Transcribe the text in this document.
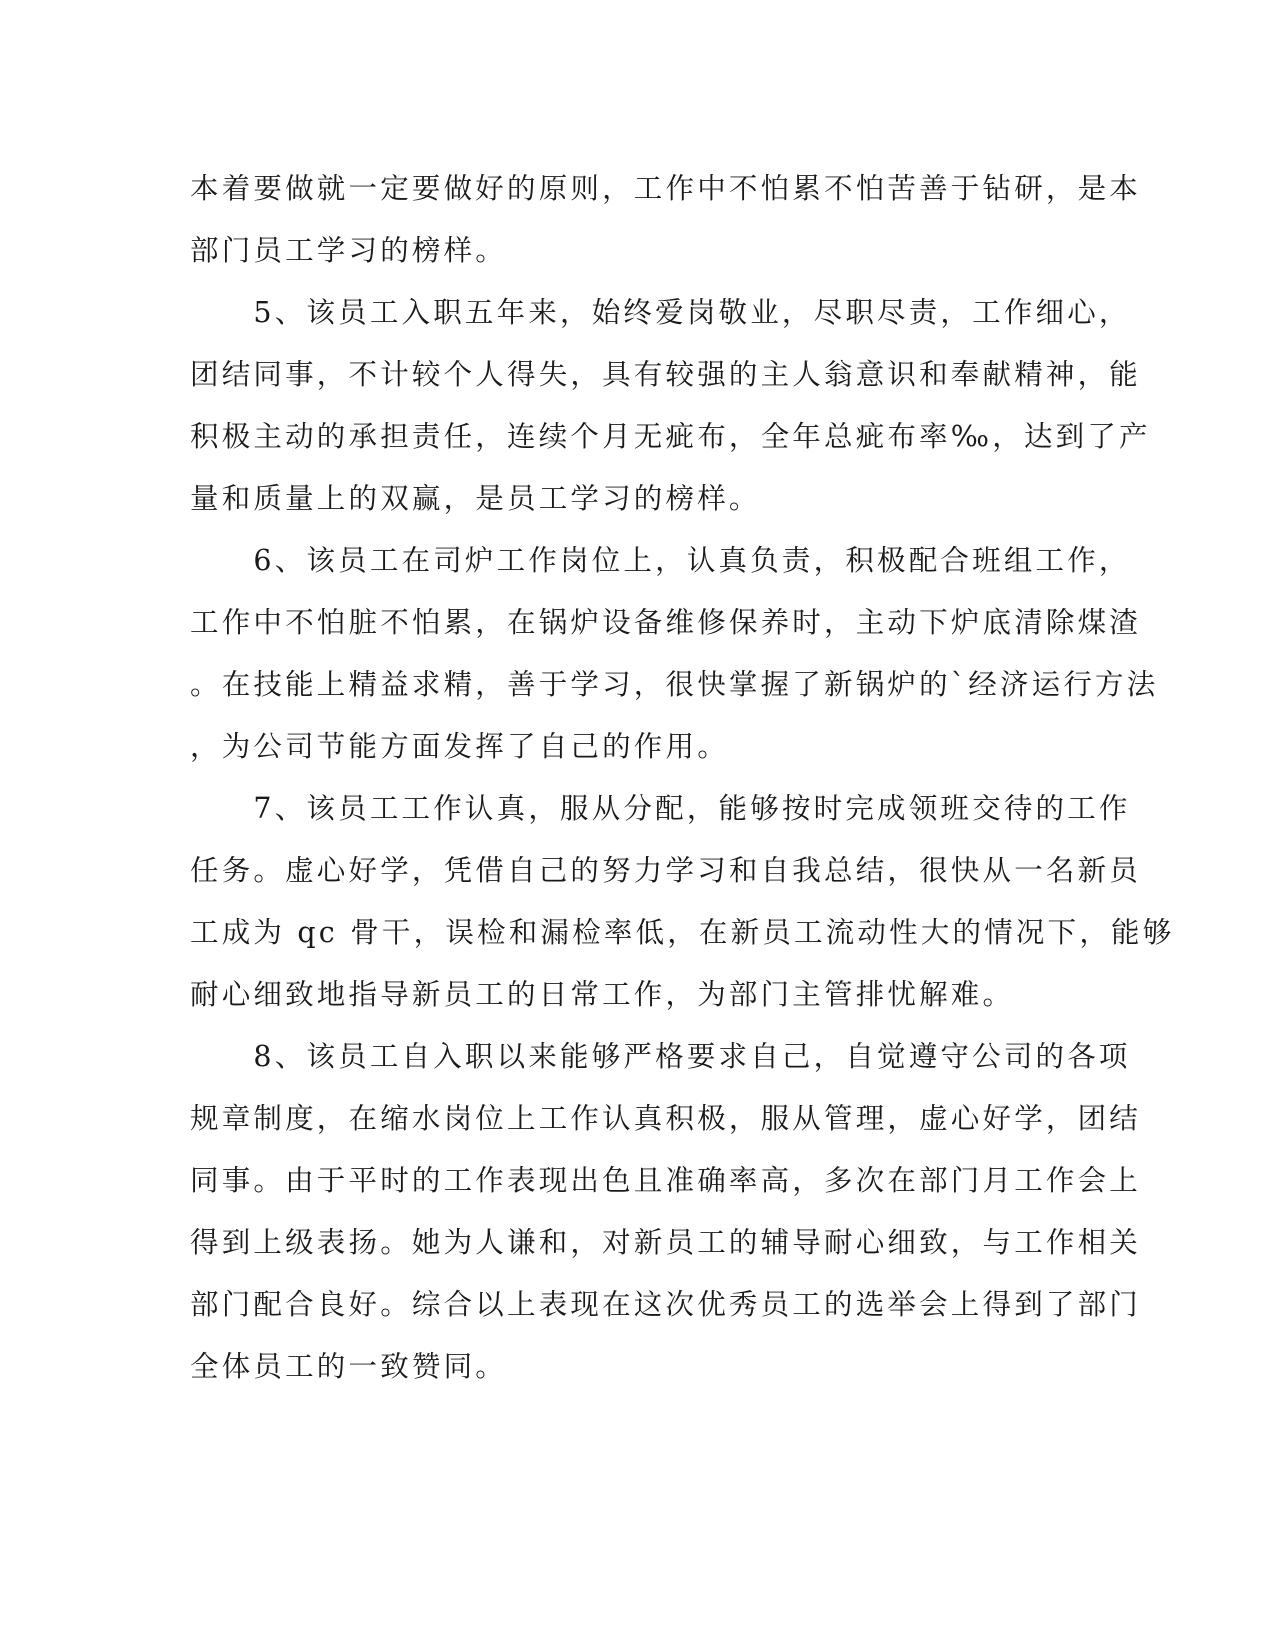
本着要做就一定要做好的原则，工作中不怕累不怕苦善于钻研，是本
部门员工学习的榜样。
　　5、该员工入职五年来，始终爱岗敬业，尽职尽责，工作细心，
团结同事，不计较个人得失，具有较强的主人翁意识和奉献精神，能
积极主动的承担责任，连续个月无疵布，全年总疵布率‰，达到了产
量和质量上的双赢，是员工学习的榜样。
　　6、该员工在司炉工作岗位上，认真负责，积极配合班组工作，
工作中不怕脏不怕累，在锅炉设备维修保养时，主动下炉底清除煤渣
。在技能上精益求精，善于学习，很快掌握了新锅炉的`经济运行方法
，为公司节能方面发挥了自己的作用。
　　7、该员工工作认真，服从分配，能够按时完成领班交待的工作
任务。虚心好学，凭借自己的努力学习和自我总结，很快从一名新员
工成为 qc 骨干，误检和漏检率低，在新员工流动性大的情况下，能够
耐心细致地指导新员工的日常工作，为部门主管排忧解难。
　　8、该员工自入职以来能够严格要求自己，自觉遵守公司的各项
规章制度，在缩水岗位上工作认真积极，服从管理，虚心好学，团结
同事。由于平时的工作表现出色且准确率高，多次在部门月工作会上
得到上级表扬。她为人谦和，对新员工的辅导耐心细致，与工作相关
部门配合良好。综合以上表现在这次优秀员工的选举会上得到了部门
全体员工的一致赞同。
